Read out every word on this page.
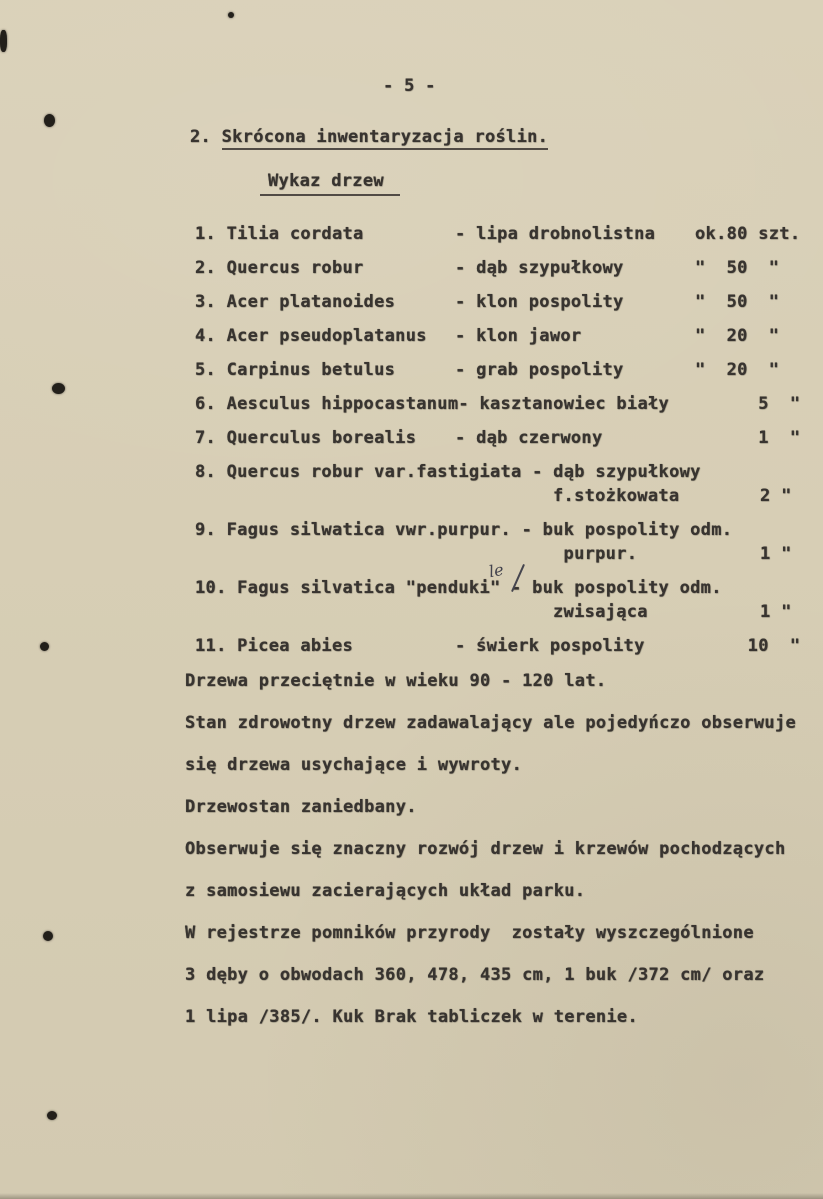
- 5 -
2. Skrócona inwentaryzacja roślin.
Wykaz drzew
1. Tilia cordata	- lipa drobnolistna ok.80 szt.
2. Quercus robur	- dąb szypułkowy	"  50  "
3. Acer platanoides	- klon pospolity	"  50  "
4. Acer pseudoplatanus - klon jawor	"  20  "
5. Carpinus betulus	- grab pospolity	"  20  "
6. Aesculus hippocastanum- kasztanowiec biały 5  "
7. Querculus borealis - dąb czerwony	1  "
8. Quercus robur var.fastigiata - dąb szypułkowy
f.stożkowata	2 "
9. Fagus silwatica vwr.purpur. - buk pospolity odm.
purpur.	1 "
10. Fagus silvatica "penduki" - buk pospolity odm.
le
zwisająca	1 "
11. Picea abies	- świerk pospolity	10  "
Drzewa przeciętnie w wieku 90 - 120 lat.
Stan zdrowotny drzew zadawalający ale pojedyńczo obserwuje
się drzewa usychające i wywroty.
Drzewostan zaniedbany.
Obserwuje się znaczny rozwój drzew i krzewów pochodzących
z samosiewu zacierających układ parku.
W rejestrze pomników przyrody  zostały wyszczególnione
3 dęby o obwodach 360, 478, 435 cm, 1 buk /372 cm/ oraz
1 lipa /385/. Kuk Brak tabliczek w terenie.
